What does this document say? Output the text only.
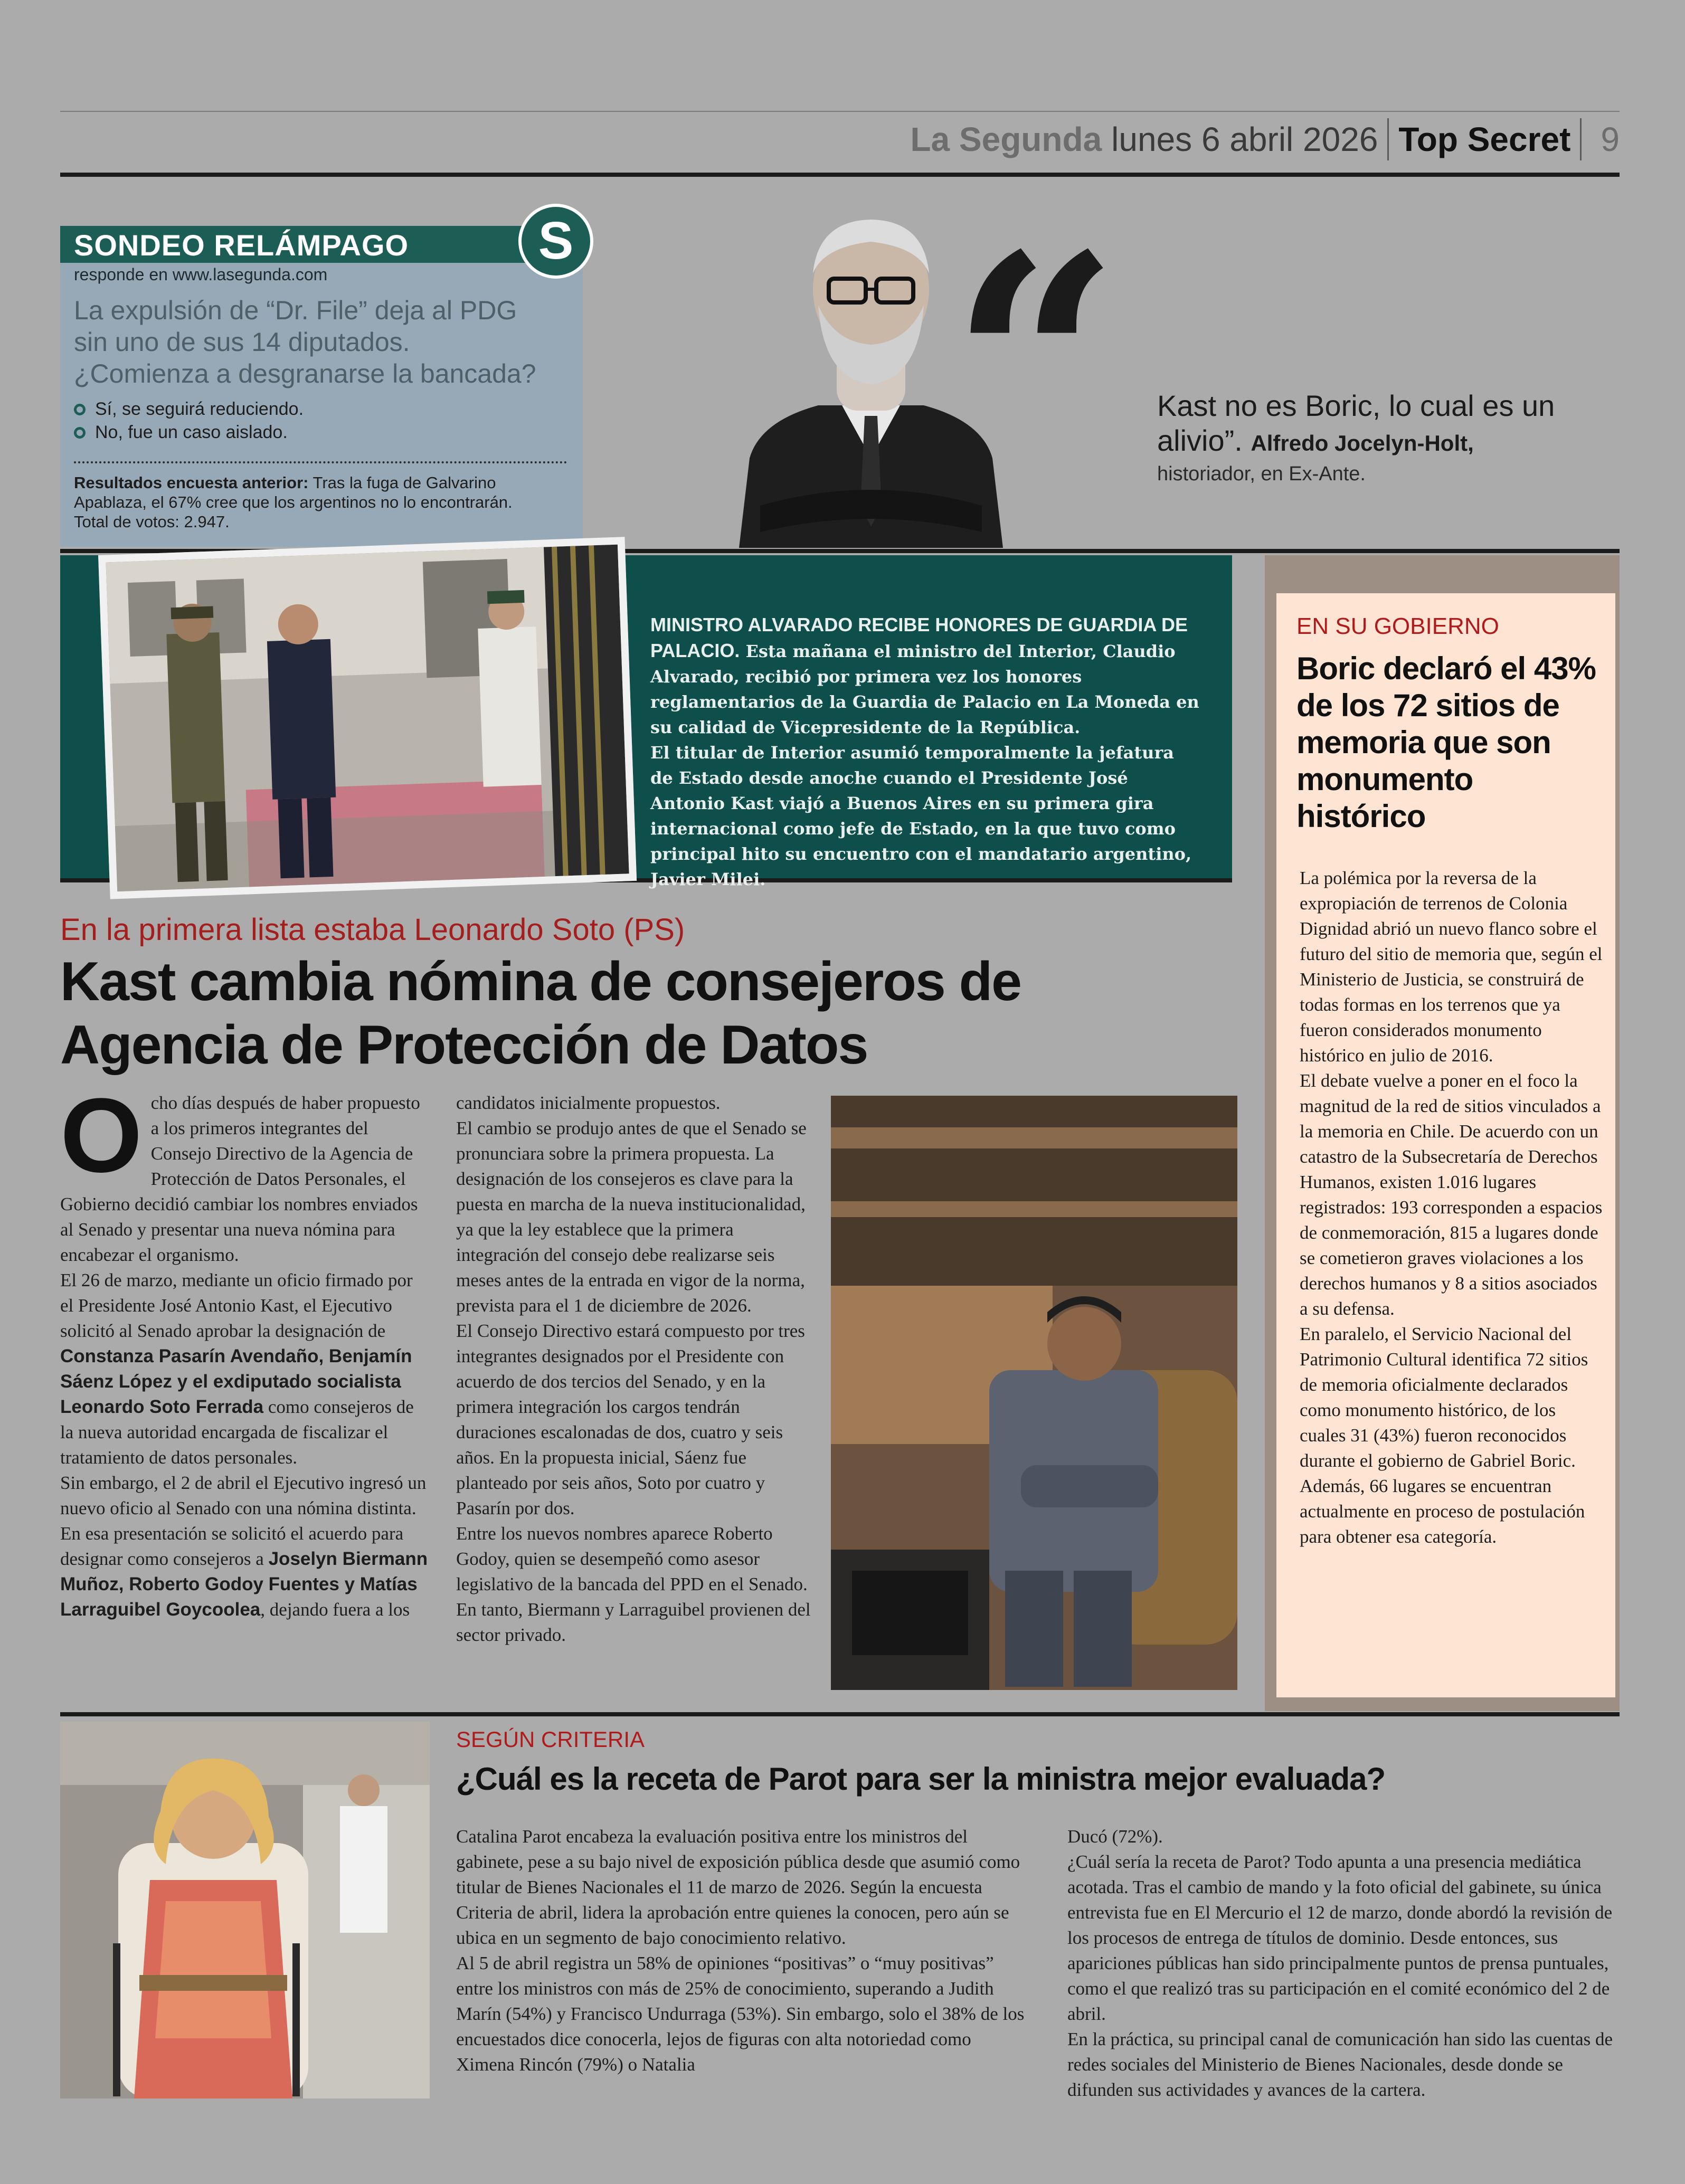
La Segunda lunes 6 abril 2026 Top Secret 9
SONDEO RELÁMPAGO	S
responde en www.lasegunda.com
La expulsión de “Dr. File” deja al PDG sin uno de sus 14 diputados. ¿Comienza a desgranarse la bancada?
Sí, se seguirá reduciendo.
No, fue un caso aislado.
Resultados encuesta anterior: Tras la fuga de Galvarino Apablaza, el 67% cree que los argentinos no lo encontrarán.
Total de votos: 2.947.	“ Kast no es Boric, lo cual es un alivio”. Alfredo Jocelyn-Holt,
historiador, en Ex-Ante.
MINISTRO ALVARADO RECIBE HONORES DE GUARDIA DE PALACIO. Esta mañana el ministro del Interior, Claudio Alvarado, recibió por primera vez los honores reglamentarios de la Guardia de Palacio en La Moneda en su calidad de Vicepresidente de la República.
El titular de Interior asumió temporalmente la jefatura de Estado desde anoche cuando el Presidente José Antonio Kast viajó a Buenos Aires en su primera gira internacional como jefe de Estado, en la que tuvo como principal hito su encuentro con el mandatario argentino, Javier Milei.
EN SU GOBIERNO
Boric declaró el 43% de los 72 sitios de memoria que son monumento histórico

La polémica por la reversa de la expropiación de terrenos de Colonia Dignidad abrió un nuevo flanco sobre el futuro del sitio de memoria que, según el Ministerio de Justicia, se construirá de todas formas en los terrenos que ya fueron considerados monumento histórico en julio de 2016.

El debate vuelve a poner en el foco la magnitud de la red de sitios vinculados a la memoria en Chile. De acuerdo con un catastro de la Subsecretaría de Derechos Humanos, existen 1.016 lugares registrados: 193 corresponden a espacios de conmemoración, 815 a lugares donde se cometieron graves violaciones a los derechos humanos y 8 a sitios asociados a su defensa.

En paralelo, el Servicio Nacional del Patrimonio Cultural identifica 72 sitios de memoria oficialmente declarados como monumento histórico, de los cuales 31 (43%) fueron reconocidos durante el gobierno de Gabriel Boric. Además, 66 lugares se encuentran actualmente en proceso de postulación para obtener esa categoría.

En la primera lista estaba Leonardo Soto (PS)
Kast cambia nómina de consejeros de Agencia de Protección de Datos

Ocho días después de haber propuesto a los primeros integrantes del Consejo Directivo de la Agencia de Protección de Datos Personales, el Gobierno decidió cambiar los nombres enviados al Senado y presentar una nueva nómina para encabezar el organismo.

El 26 de marzo, mediante un oficio firmado por el Presidente José Antonio Kast, el Ejecutivo solicitó al Senado aprobar la designación de Constanza Pasarín Avendaño, Benjamín Sáenz López y el exdiputado socialista Leonardo Soto Ferrada como consejeros de la nueva autoridad encargada de fiscalizar el tratamiento de datos personales.

Sin embargo, el 2 de abril el Ejecutivo ingresó un nuevo oficio al Senado con una nómina distinta. En esa presentación se solicitó el acuerdo para designar como consejeros a Joselyn Biermann Muñoz, Roberto Godoy Fuentes y Matías Larraguibel Goycoolea, dejando fuera a los

candidatos inicialmente propuestos.

El cambio se produjo antes de que el Senado se pronunciara sobre la primera propuesta. La designación de los consejeros es clave para la puesta en marcha de la nueva institucionalidad, ya que la ley establece que la primera integración del consejo debe realizarse seis meses antes de la entrada en vigor de la norma, prevista para el 1 de diciembre de 2026.

El Consejo Directivo estará compuesto por tres integrantes designados por el Presidente con acuerdo de dos tercios del Senado, y en la primera integración los cargos tendrán duraciones escalonadas de dos, cuatro y seis años. En la propuesta inicial, Sáenz fue planteado por seis años, Soto por cuatro y Pasarín por dos.

Entre los nuevos nombres aparece Roberto Godoy, quien se desempeñó como asesor legislativo de la bancada del PPD en el Senado. En tanto, Biermann y Larraguibel provienen del sector privado.

SEGÚN CRITERIA
¿Cuál es la receta de Parot para ser la ministra mejor evaluada?

Catalina Parot encabeza la evaluación positiva entre los ministros del gabinete, pese a su bajo nivel de exposición pública desde que asumió como titular de Bienes Nacionales el 11 de marzo de 2026. Según la encuesta Criteria de abril, lidera la aprobación entre quienes la conocen, pero aún se ubica en un segmento de bajo conocimiento relativo.

Al 5 de abril registra un 58% de opiniones “positivas” o “muy positivas” entre los ministros con más de 25% de conocimiento, superando a Judith Marín (54%) y Francisco Undurraga (53%). Sin embargo, solo el 38% de los encuestados dice conocerla, lejos de figuras con alta notoriedad como Ximena Rincón (79%) o Natalia

Ducó (72%).

¿Cuál sería la receta de Parot? Todo apunta a una presencia mediática acotada. Tras el cambio de mando y la foto oficial del gabinete, su única entrevista fue en El Mercurio el 12 de marzo, donde abordó la revisión de los procesos de entrega de títulos de dominio. Desde entonces, sus apariciones públicas han sido principalmente puntos de prensa puntuales, como el que realizó tras su participación en el comité económico del 2 de abril.

En la práctica, su principal canal de comunicación han sido las cuentas de redes sociales del Ministerio de Bienes Nacionales, desde donde se difunden sus actividades y avances de la cartera.
